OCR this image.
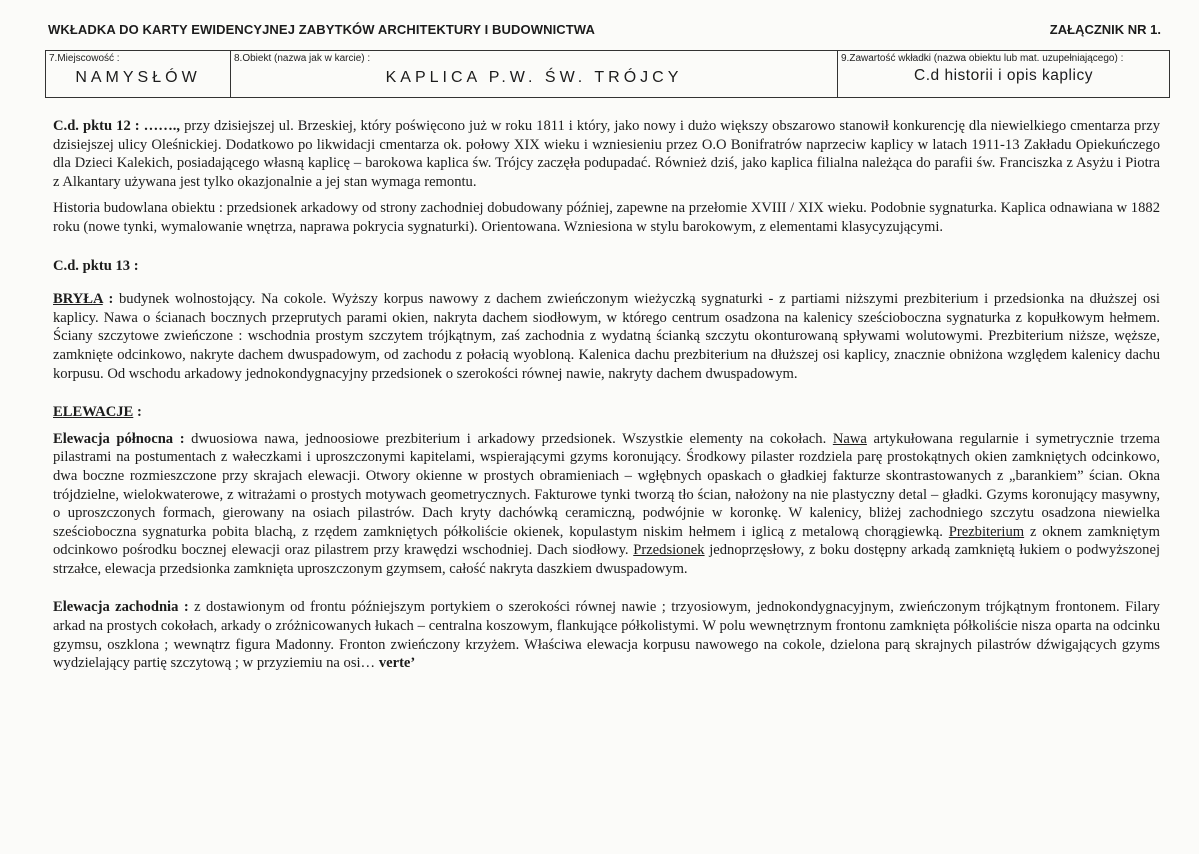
WKŁADKA DO KARTY EWIDENCYJNEJ ZABYTKÓW ARCHITEKTURY I BUDOWNICTWA	ZAŁĄCZNIK NR 1.
7.Miejscowość :
NAMYSŁÓW
8.Obiekt (nazwa jak w karcie) :
KAPLICA P.W. ŚW. TRÓJCY
9.Zawartość wkładki (nazwa obiektu lub mat. uzupełniającego) :
C.d historii i opis kaplicy

C.d. pktu 12 : ……., przy dzisiejszej ul. Brzeskiej, który poświęcono już w roku 1811 i który, jako nowy i dużo większy obszarowo stanowił konkurencję dla niewielkiego cmentarza przy dzisiejszej ulicy Oleśnickiej. Dodatkowo po likwidacji cmentarza ok. połowy XIX wieku i wzniesieniu przez O.O Bonifratrów naprzeciw kaplicy w latach 1911-13 Zakładu Opiekuńczego dla Dzieci Kalekich, posiadającego własną kaplicę – barokowa kaplica św. Trójcy zaczęła podupadać. Również dziś, jako kaplica filialna należąca do parafii św. Franciszka z Asyżu i Piotra z Alkantary używana jest tylko okazjonalnie a jej stan wymaga remontu.

Historia budowlana obiektu : przedsionek arkadowy od strony zachodniej dobudowany później, zapewne na przełomie XVIII / XIX wieku. Podobnie sygnaturka. Kaplica odnawiana w 1882 roku (nowe tynki, wymalowanie wnętrza, naprawa pokrycia sygnaturki). Orientowana. Wzniesiona w stylu barokowym, z elementami klasycyzującymi.

C.d. pktu 13 :

BRYŁA : budynek wolnostojący. Na cokole. Wyższy korpus nawowy z dachem zwieńczonym wieżyczką sygnaturki - z partiami niższymi prezbiterium i przedsionka na dłuższej osi kaplicy. Nawa o ścianach bocznych przeprutych parami okien, nakryta dachem siodłowym, w którego centrum osadzona na kalenicy sześcioboczna sygnaturka z kopułkowym hełmem. Ściany szczytowe zwieńczone : wschodnia prostym szczytem trójkątnym, zaś zachodnia z wydatną ścianką szczytu okonturowaną spływami wolutowymi. Prezbiterium niższe, węższe, zamknięte odcinkowo, nakryte dachem dwuspadowym, od zachodu z połacią wyobloną. Kalenica dachu prezbiterium na dłuższej osi kaplicy, znacznie obniżona względem kalenicy dachu korpusu. Od wschodu arkadowy jednokondygnacyjny przedsionek o szerokości równej nawie, nakryty dachem dwuspadowym.

ELEWACJE :

Elewacja północna : dwuosiowa nawa, jednoosiowe prezbiterium i arkadowy przedsionek. Wszystkie elementy na cokołach. Nawa artykułowana regularnie i symetrycznie trzema pilastrami na postumentach z wałeczkami i uproszczonymi kapitelami, wspierającymi gzyms koronujący. Środkowy pilaster rozdziela parę prostokątnych okien zamkniętych odcinkowo, dwa boczne rozmieszczone przy skrajach elewacji. Otwory okienne w prostych obramieniach – wgłębnych opaskach o gładkiej fakturze skontrastowanych z „barankiem” ścian. Okna trójdzielne, wielokwaterowe, z witrażami o prostych motywach geometrycznych. Fakturowe tynki tworzą tło ścian, nałożony na nie plastyczny detal – gładki. Gzyms koronujący masywny, o uproszczonych formach, gierowany na osiach pilastrów. Dach kryty dachówką ceramiczną, podwójnie w koronkę. W kalenicy, bliżej zachodniego szczytu osadzona niewielka sześcioboczna sygnaturka pobita blachą, z rzędem zamkniętych półkoliście okienek, kopulastym niskim hełmem i iglicą z metalową chorągiewką. Prezbiterium z oknem zamkniętym odcinkowo pośrodku bocznej elewacji oraz pilastrem przy krawędzi wschodniej. Dach siodłowy. Przedsionek jednoprzęsłowy, z boku dostępny arkadą zamkniętą łukiem o podwyższonej strzałce, elewacja przedsionka zamknięta uproszczonym gzymsem, całość nakryta daszkiem dwuspadowym.

Elewacja zachodnia : z dostawionym od frontu późniejszym portykiem o szerokości równej nawie ; trzyosiowym, jednokondygnacyjnym, zwieńczonym trójkątnym frontonem. Filary arkad na prostych cokołach, arkady o zróżnicowanych łukach – centralna koszowym, flankujące półkolistymi. W polu wewnętrznym frontonu zamknięta półkoliście nisza oparta na odcinku gzymsu, oszklona ; wewnątrz figura Madonny. Fronton zwieńczony krzyżem. Właściwa elewacja korpusu nawowego na cokole, dzielona parą skrajnych pilastrów dźwigających gzyms wydzielający partię szczytową ; w przyziemiu na osi… verte’
